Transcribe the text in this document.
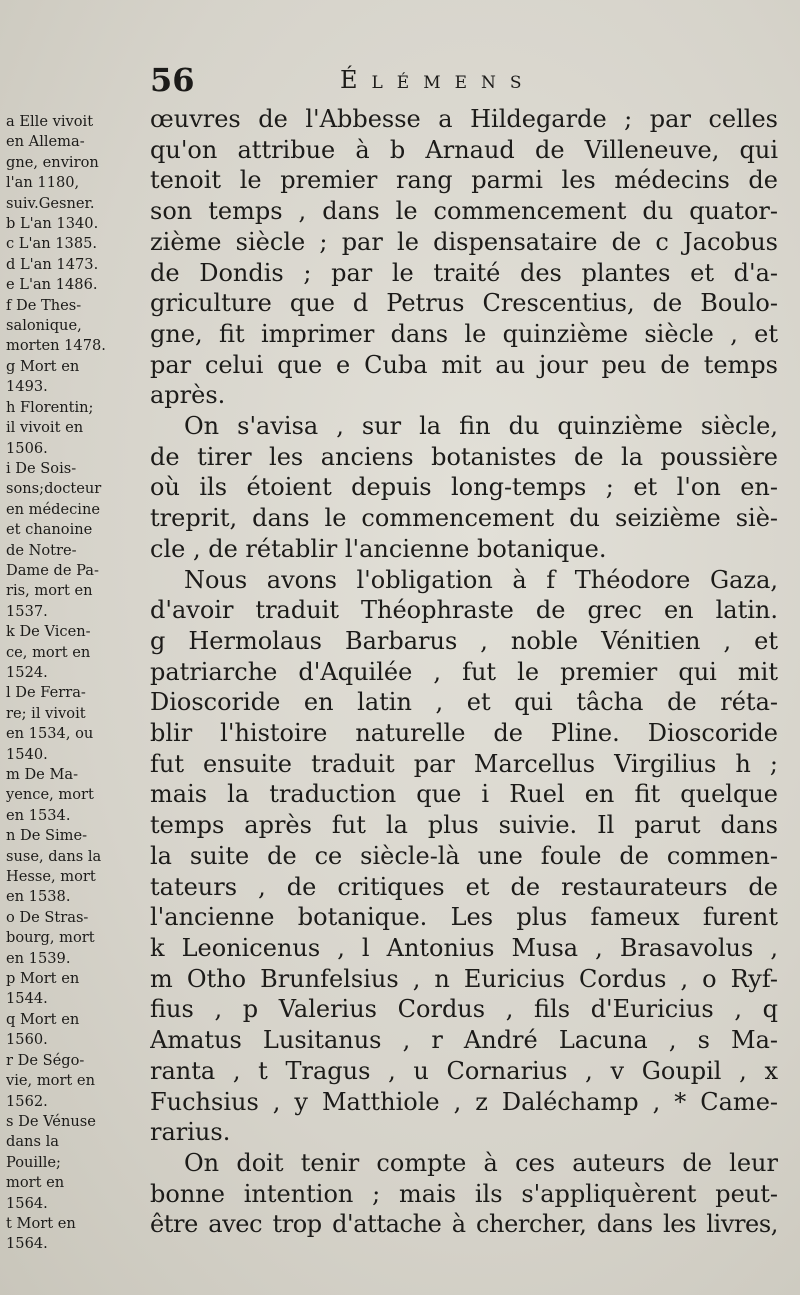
56	Élémens
a Elle vivoit
en Allema-
gne, environ
l'an 1180,
suiv.Gesner.
b L'an 1340.
c L'an 1385.
d L'an 1473.
e L'an 1486.
f De Thes-
salonique,
morten 1478.
g Mort en
1493.
h Florentin;
il vivoit en
1506.
i De Sois-
sons;docteur
en médecine
et chanoine
de Notre-
Dame de Pa-
ris, mort en
1537.
k De Vicen-
ce, mort en
1524.
l De Ferra-
re; il vivoit
en 1534, ou
1540.
m De Ma-
yence, mort
en 1534.
n De Sime-
suse, dans la
Hesse, mort
en 1538.
o De Stras-
bourg, mort
en 1539.
p Mort en
1544.
q Mort en
1560.
r De Ségo-
vie, mort en
1562.
s De Vénuse
dans la
Pouille;
mort en
1564.
t Mort en
1564.
œuvres de l'Abbesse a Hildegarde ; par celles
qu'on attribue à b Arnaud de Villeneuve, qui
tenoit le premier rang parmi les médecins de
son temps , dans le commencement du quator-
zième siècle ; par le dispensataire de c Jacobus
de Dondis ; par le traité des plantes et d'a-
griculture que d Petrus Crescentius, de Boulo-
gne, fit imprimer dans le quinzième siècle , et
par celui que e Cuba mit au jour peu de temps
après.
On s'avisa , sur la fin du quinzième siècle,
de tirer les anciens botanistes de la poussière
où ils étoient depuis long-temps ; et l'on en-
treprit, dans le commencement du seizième siè-
cle , de rétablir l'ancienne botanique.
Nous avons l'obligation à f Théodore Gaza,
d'avoir traduit Théophraste de grec en latin.
g Hermolaus Barbarus , noble Vénitien , et
patriarche d'Aquilée , fut le premier qui mit
Dioscoride en latin , et qui tâcha de réta-
blir l'histoire naturelle de Pline. Dioscoride
fut ensuite traduit par Marcellus Virgilius h ;
mais la traduction que i Ruel en fit quelque
temps après fut la plus suivie. Il parut dans
la suite de ce siècle-là une foule de commen-
tateurs , de critiques et de restaurateurs de
l'ancienne botanique. Les plus fameux furent
k Leonicenus , l Antonius Musa , Brasavolus ,
m Otho Brunfelsius , n Euricius Cordus , o Ryf-
fius , p Valerius Cordus , fils d'Euricius , q
Amatus Lusitanus , r André Lacuna , s Ma-
ranta , t Tragus , u Cornarius , v Goupil , x
Fuchsius , y Matthiole , z Daléchamp , * Came-
rarius.
On doit tenir compte à ces auteurs de leur
bonne intention ; mais ils s'appliquèrent peut-
être avec trop d'attache à chercher, dans les livres,
